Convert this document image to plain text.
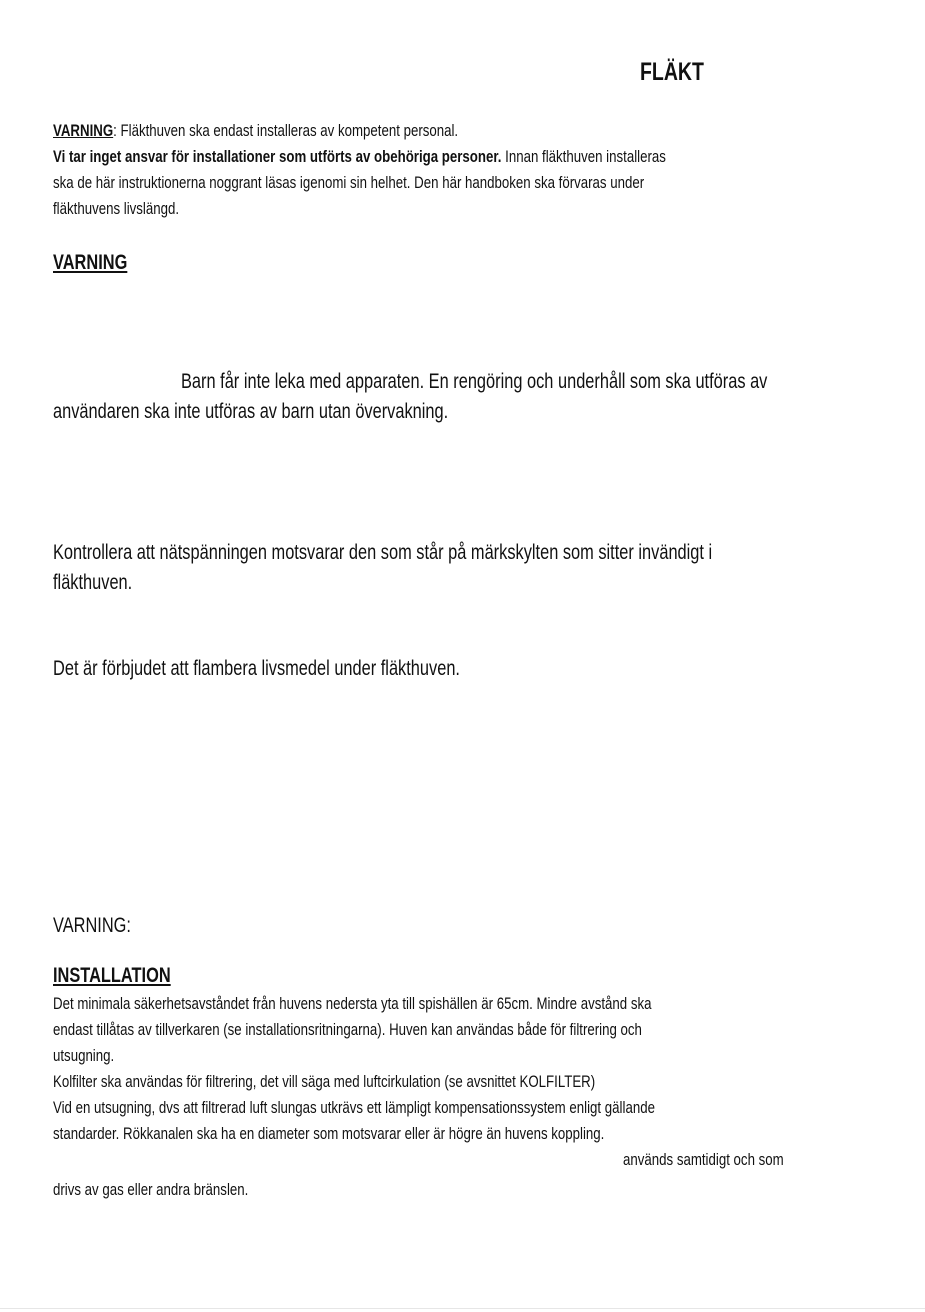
FLÄKT
VARNING: Fläkthuven ska endast installeras av kompetent personal.
Vi tar inget ansvar för installationer som utförts av obehöriga personer. Innan fläkthuven installeras
ska de här instruktionerna noggrant läsas igenomi sin helhet. Den här handboken ska förvaras under
fläkthuvens livslängd.
VARNING
Barn får inte leka med apparaten. En rengöring och underhåll som ska utföras av
användaren ska inte utföras av barn utan övervakning.
Kontrollera att nätspänningen motsvarar den som står på märkskylten som sitter invändigt i
fläkthuven.
Det är förbjudet att flambera livsmedel under fläkthuven.
VARNING:
INSTALLATION
Det minimala säkerhetsavståndet från huvens nedersta yta till spishällen är 65cm. Mindre avstånd ska
endast tillåtas av tillverkaren (se installationsritningarna). Huven kan användas både för filtrering och
utsugning.
Kolfilter ska användas för filtrering, det vill säga med luftcirkulation (se avsnittet KOLFILTER)
Vid en utsugning, dvs att filtrerad luft slungas utkrävs ett lämpligt kompensationssystem enligt gällande
standarder. Rökkanalen ska ha en diameter som motsvarar eller är högre än huvens koppling.
används samtidigt och som
drivs av gas eller andra bränslen.
